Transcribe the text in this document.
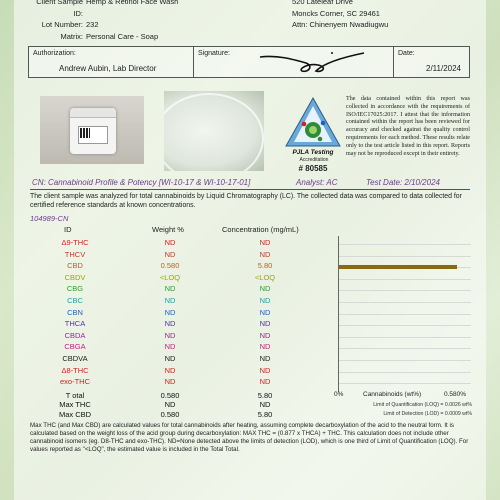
Client Sample ID:
Hemp & Retinol Face Wash
Lot Number: 232
Matrix: Personal Care - Soap
520 Lateleaf Drive
Moncks Corner, SC 29461
Attn: Chinenyem Nwadiugwu
Authorization:
Andrew Aubin, Lab Director
Signature:	Date:
2/11/2024
PJLA Testing
Accreditation
# 80585
The data contained within this report was collected in accordance with the requirements of ISO/IEC17025:2017. I attest that the information contained within the report has been reviewed for accuracy and checked against the quality control requirements for each method. These results relate only to the test article listed in this report. Reports may not be reproduced except in their entirety.
CN: Cannabinoid Profile & Potency [WI-10-17 & WI-10-17-01]	Analyst: AC	Test Date: 2/10/2024
The client sample was analyzed for total cannabinoids by Liquid Chromatography (LC). The collected data was compared to data collected for certified reference standards at known concentrations.
104989-CN
ID	Weight %	Concentration (mg/mL)
Δ9-THC	ND	ND
THCV	ND	ND
CBD	0.580	5.80
CBDV	<LOQ	<LOQ
CBG	ND	ND
CBC	ND	ND
CBN	ND	ND
THCA	ND	ND
CBDA	ND	ND
CBGA	ND	ND
CBDVA	ND	ND
Δ8-THC	ND	ND
exo-THC	ND	ND
T otal	0.580	5.80
Max THC	ND	ND
Max CBD	0.580	5.80
0%	Cannabinoids (wt%)	0.580%
Limit of Quantification (LOQ) = 0.0026 wt%
Limit of Detection (LOD) = 0.0009 wt%
Max THC (and Max CBD) are calculated values for total cannabinoids after heating, assuming complete decarboxylation of the acid to the neutral form. It is calculated based on the weight loss of the acid group during decarboxylation: MAX THC = (0.877 x THCA) + THC. This calculation does not include other cannabinoid isomers (eg. D8-THC and exo-THC). ND=None detected above the limits of detection (LOD), which is one third of Limit of Quantification (LOQ). For values reported as "<LOQ", the estimated value is included in the Total Total.
